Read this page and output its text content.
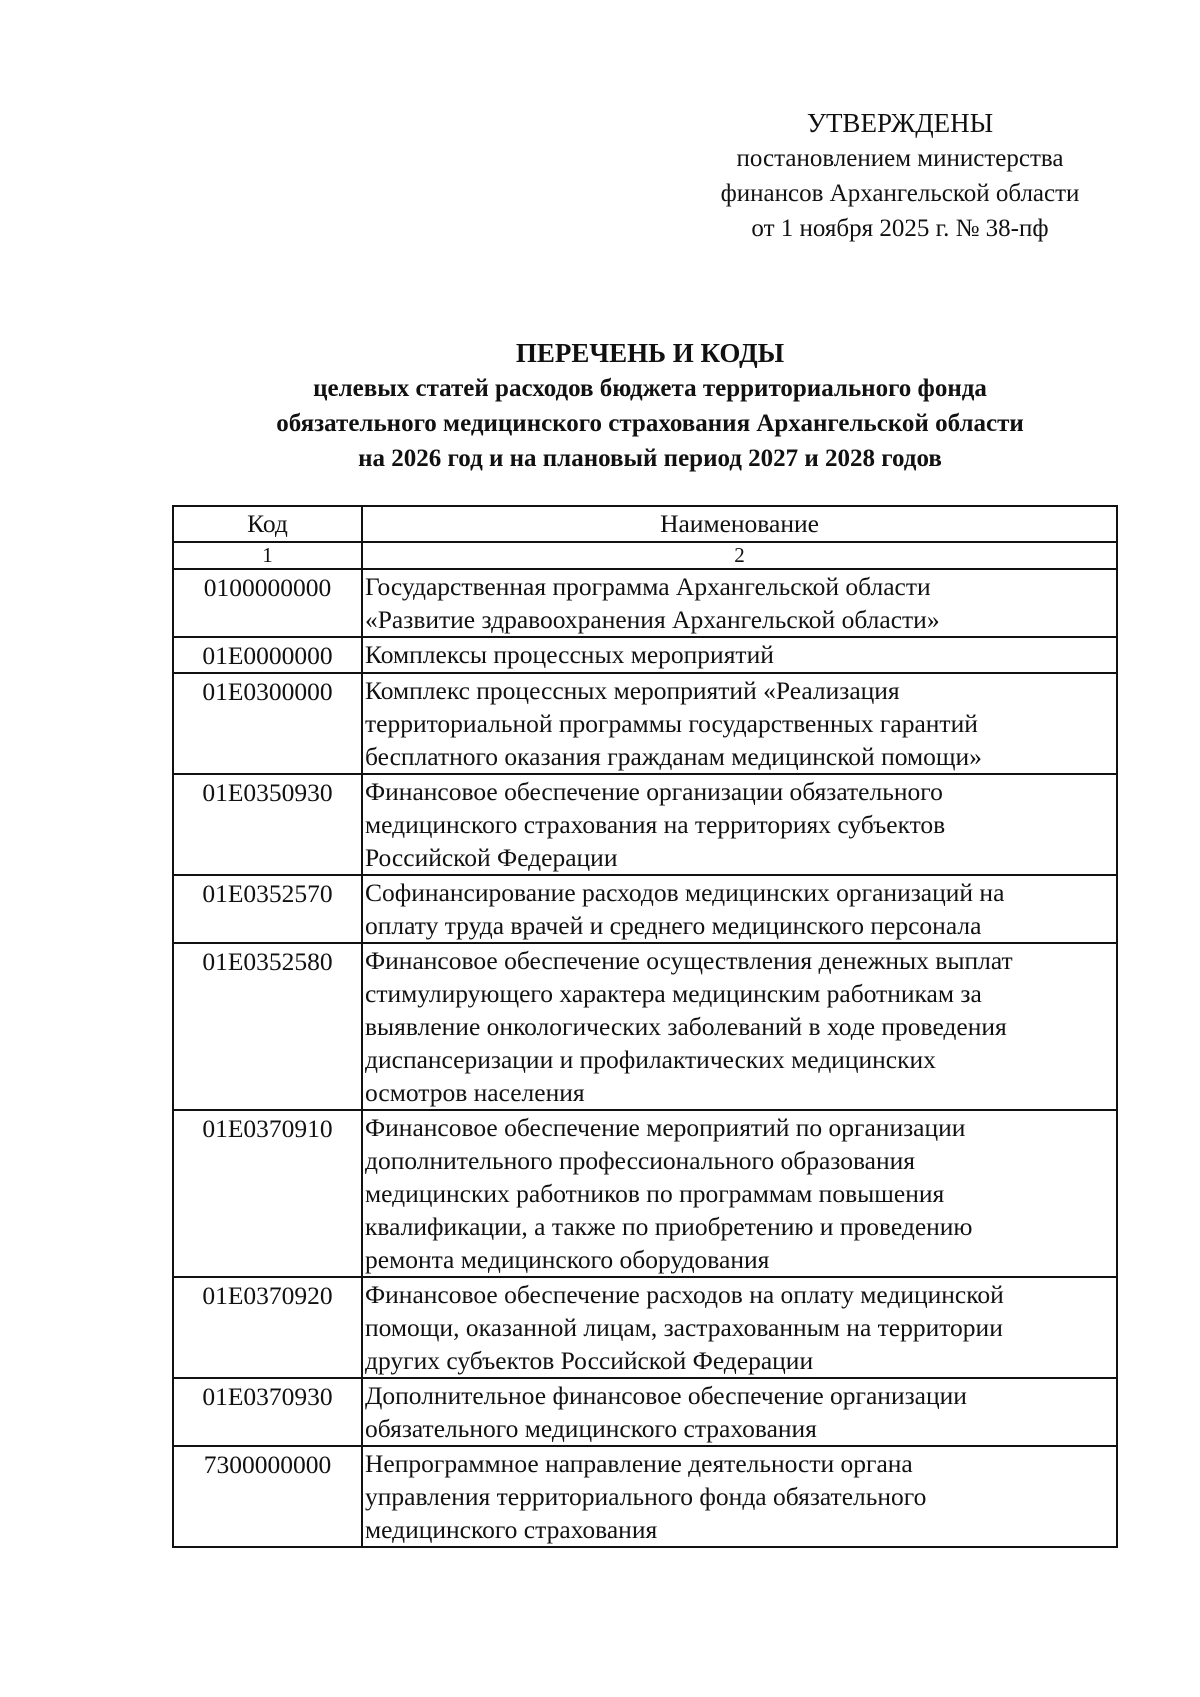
УТВЕРЖДЕНЫ
постановлением министерства
финансов Архангельской области
от 1 ноября 2025 г. № 38-пф
ПЕРЕЧЕНЬ И КОДЫ
целевых статей расходов бюджета территориального фонда
обязательного медицинского страхования Архангельской области
на 2026 год и на плановый период 2027 и 2028 годов
Код	Наименование
1	2
0100000000	Государственная программа Архангельской области
«Развитие здравоохранения Архангельской области»

01Е0000000	Комплексы процессных мероприятий

01Е0300000	Комплекс процессных мероприятий «Реализация
территориальной программы государственных гарантий
бесплатного оказания гражданам медицинской помощи»

01Е0350930	Финансовое обеспечение организации обязательного
медицинского страхования на территориях субъектов
Российской Федерации

01Е0352570	Софинансирование расходов медицинских организаций на
оплату труда врачей и среднего медицинского персонала

01Е0352580	Финансовое обеспечение осуществления денежных выплат
стимулирующего характера медицинским работникам за
выявление онкологических заболеваний в ходе проведения
диспансеризации и профилактических медицинских
осмотров населения

01Е0370910	Финансовое обеспечение мероприятий по организации
дополнительного профессионального образования
медицинских работников по программам повышения
квалификации, а также по приобретению и проведению
ремонта медицинского оборудования

01Е0370920	Финансовое обеспечение расходов на оплату медицинской
помощи, оказанной лицам, застрахованным на территории
других субъектов Российской Федерации

01Е0370930	Дополнительное финансовое обеспечение организации
обязательного медицинского страхования

7300000000	Непрограммное направление деятельности органа
управления территориального фонда обязательного
медицинского страхования
